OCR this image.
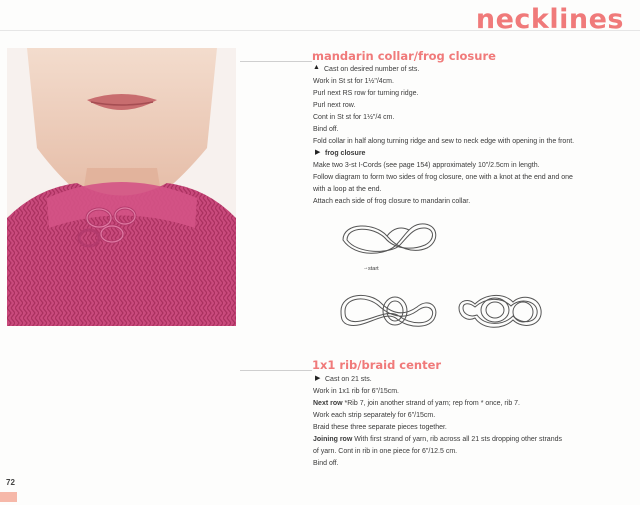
necklines
mandarin collar/frog closure
▲ Cast on desired number of sts.
Work in St st for 1½"/4cm.
Purl next RS row for turning ridge.
Purl next row.
Cont in St st for 1½"/4 cm.
Bind off.
Fold collar in half along turning ridge and sew to neck edge with opening in the front.
▶ frog closure
Make two 3-st I-Cords (see page 154) approximately 10"/2.5cm in length.
Follow diagram to form two sides of frog closure, one with a knot at the end and one
with a loop at the end.
Attach each side of frog closure to mandarin collar.
start
→
1x1 rib/braid center
▶ Cast on 21 sts.
Work in 1x1 rib for 6"/15cm.
Next row *Rib 7, join another strand of yarn; rep from * once, rib 7.
Work each strip separately for 6"/15cm.
Braid these three separate pieces together.
Joining row With first strand of yarn, rib across all 21 sts dropping other strands
of yarn. Cont in rib in one piece for 6"/12.5 cm.
Bind off.
72
